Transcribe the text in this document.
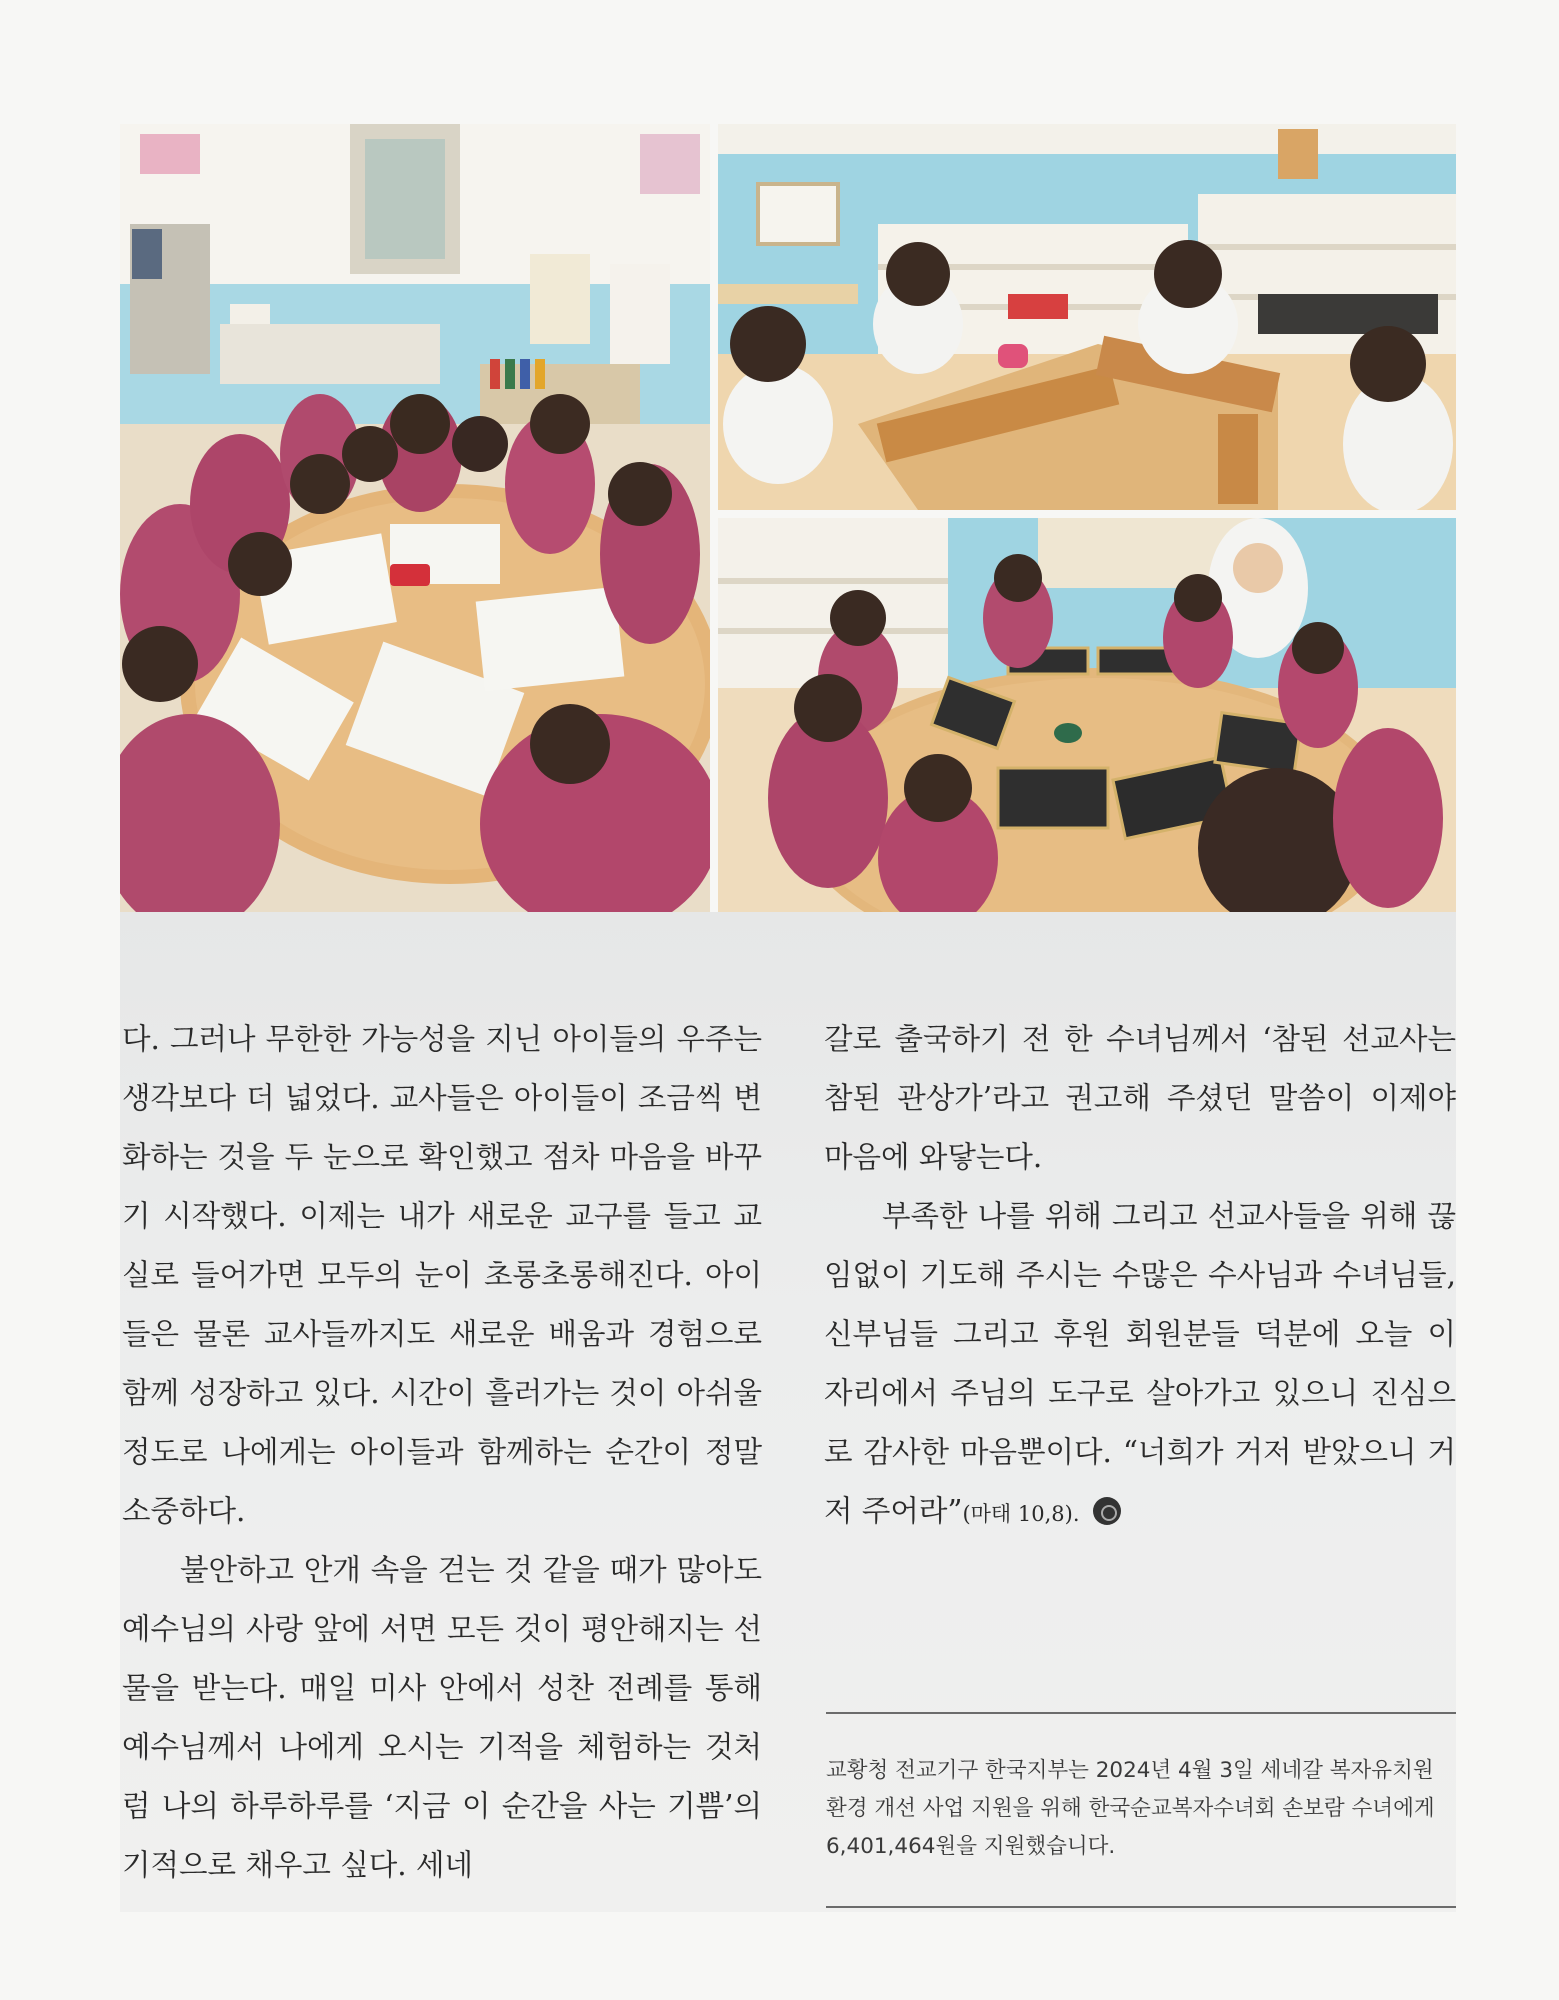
다. 그러나 무한한 가능성을 지닌 아이들의 우주는 생각보다 더 넓었다. 교사들은 아이들이 조금씩 변화하는 것을 두 눈으로 확인했고 점차 마음을 바꾸기 시작했다. 이제는 내가 새로운 교구를 들고 교실로 들어가면 모두의 눈이 초롱초롱해진다. 아이들은 물론 교사들까지도 새로운 배움과 경험으로 함께 성장하고 있다. 시간이 흘러가는 것이 아쉬울 정도로 나에게는 아이들과 함께하는 순간이 정말 소중하다.

불안하고 안개 속을 걷는 것 같을 때가 많아도 예수님의 사랑 앞에 서면 모든 것이 평안해지는 선물을 받는다. 매일 미사 안에서 성찬 전례를 통해 예수님께서 나에게 오시는 기적을 체험하는 것처럼 나의 하루하루를 ‘지금 이 순간을 사는 기쁨’의 기적으로 채우고 싶다. 세네

갈로 출국하기 전 한 수녀님께서 ‘참된 선교사는 참된 관상가’라고 권고해 주셨던 말씀이 이제야 마음에 와닿는다.

부족한 나를 위해 그리고 선교사들을 위해 끊임없이 기도해 주시는 수많은 수사님과 수녀님들, 신부님들 그리고 후원 회원분들 덕분에 오늘 이 자리에서 주님의 도구로 살아가고 있으니 진심으로 감사한 마음뿐이다. “너희가 거저 받았으니 거저 주어라”(마태 10,8).

교황청 전교기구 한국지부는 2024년 4월 3일 세네갈 복자유치원 환경 개선 사업 지원을 위해 한국순교복자수녀회 손보람 수녀에게 6,401,464원을 지원했습니다.
